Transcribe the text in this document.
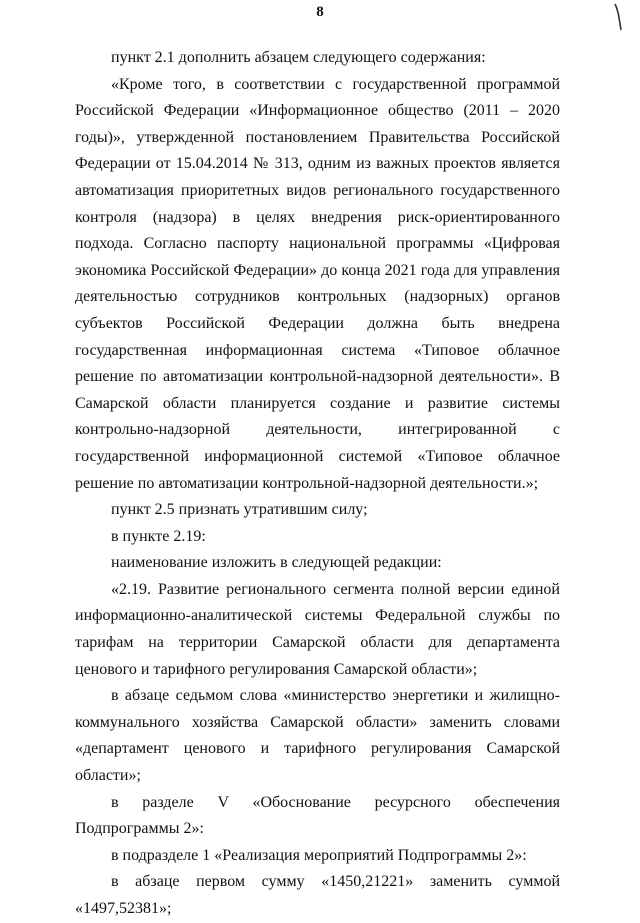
8

пункт 2.1 дополнить абзацем следующего содержания:

«Кроме того, в соответствии с государственной программой Российской Федерации «Информационное общество (2011 – 2020 годы)», утвержденной постановлением Правительства Российской Федерации от 15.04.2014 № 313, одним из важных проектов является автоматизация приоритетных видов регионального государственного контроля (надзора) в целях внедрения риск-ориентированного подхода. Согласно паспорту национальной программы «Цифровая экономика Российской Федерации» до конца 2021 года для управления деятельностью сотрудников контрольных (надзорных) органов субъектов Российской Федерации должна быть внедрена государственная информационная система «Типовое облачное решение по автоматизации контрольной-надзорной деятельности». В Самарской области планируется создание и развитие системы контрольно-надзорной деятельности, интегрированной с государственной информационной системой «Типовое облачное решение по автоматизации контрольной-надзорной деятельности.»;

пункт 2.5 признать утратившим силу;

в пункте 2.19:

наименование изложить в следующей редакции:

«2.19. Развитие регионального сегмента полной версии единой информационно-аналитической системы Федеральной службы по тарифам на территории Самарской области для департамента ценового и тарифного регулирования Самарской области»;

в абзаце седьмом слова «министерство энергетики и жилищно-коммунального хозяйства Самарской области» заменить словами «департамент ценового и тарифного регулирования Самарской области»;

в разделе V «Обоснование ресурсного обеспечения Подпрограммы 2»:

в подразделе 1 «Реализация мероприятий Подпрограммы 2»:

в абзаце первом сумму «1450,21221» заменить суммой «1497,52381»;
